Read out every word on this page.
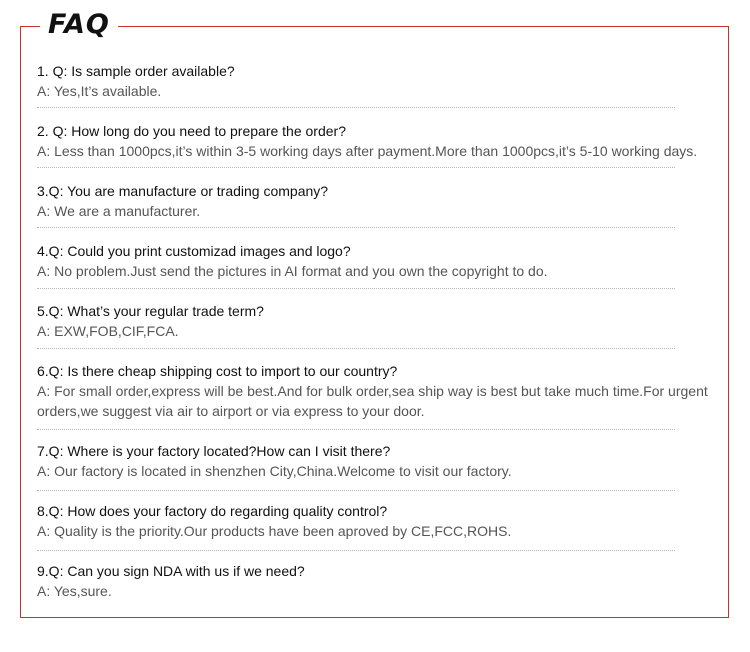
FAQ
1. Q: Is sample order available?
A: Yes,It’s available.
2. Q: How long do you need to prepare the order?
A: Less than 1000pcs,it’s within 3-5 working days after payment.More than 1000pcs,it’s 5-10 working days.
3.Q: You are manufacture or trading company?
A: We are a manufacturer.
4.Q: Could you print customizad images and logo?
A: No problem.Just send the pictures in AI format and you own the copyright to do.
5.Q: What’s your regular trade term?
A: EXW,FOB,CIF,FCA.
6.Q: Is there cheap shipping cost to import to our country?
A: For small order,express will be best.And for bulk order,sea ship way is best but take much time.For urgent orders,we suggest via air to airport or via express to your door.
7.Q: Where is your factory located?How can I visit there?
A: Our factory is located in shenzhen City,China.Welcome to visit our factory.
8.Q: How does your factory do regarding quality control?
A: Quality is the priority.Our products have been aproved by CE,FCC,ROHS.
9.Q: Can you sign NDA with us if we need?
A: Yes,sure.
